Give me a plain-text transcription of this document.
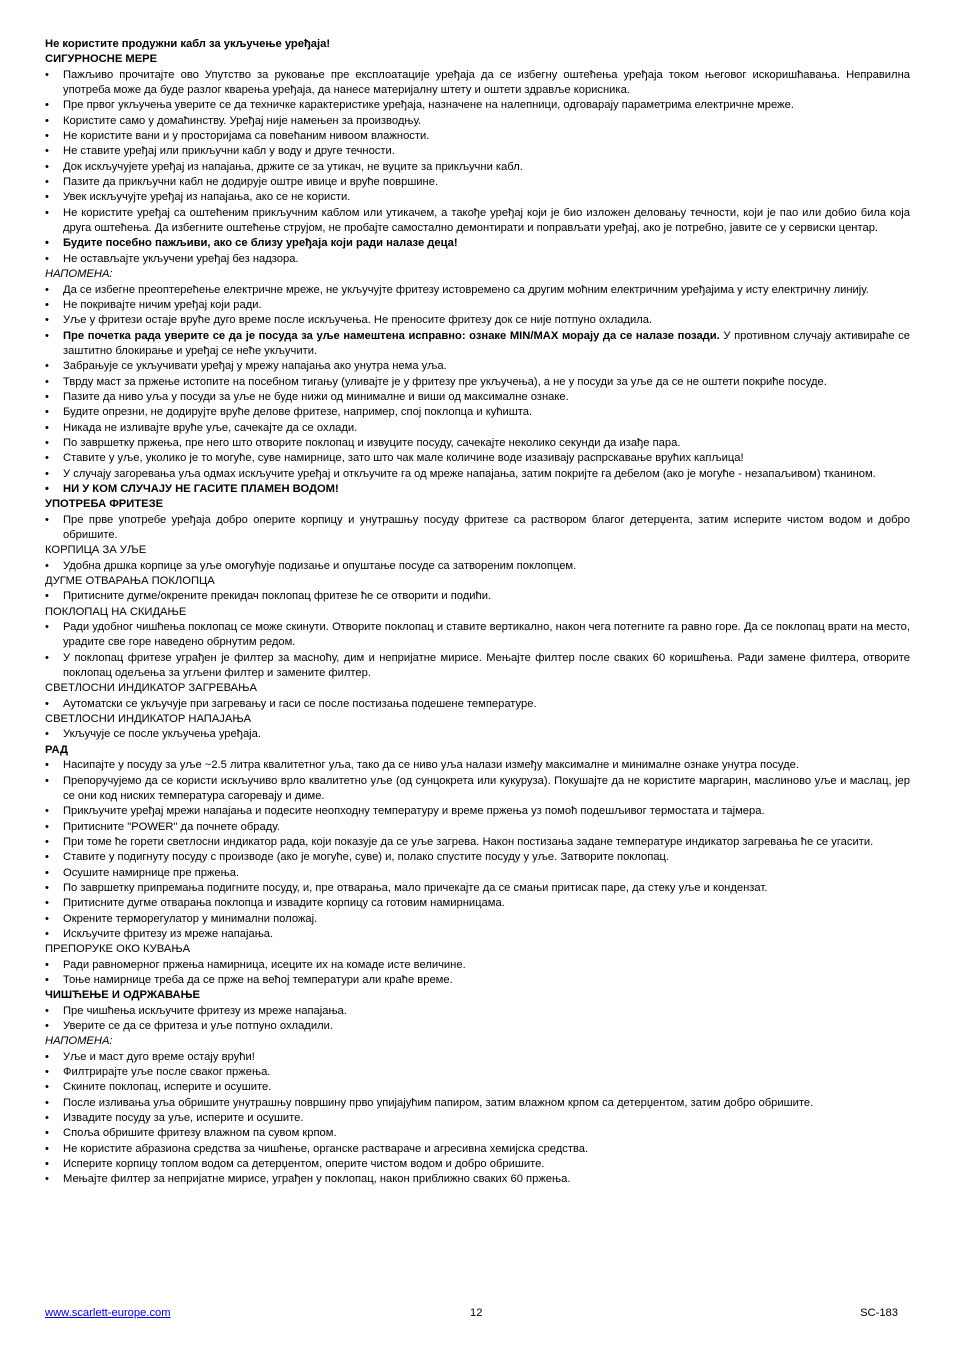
Не користите продужни кабл за укључење уређаја!

СИГУРНОСНЕ МЕРЕ

• Пажљиво прочитајте ово Упутство за руковање пре експлоатације уређаја да се избегну оштећења уређаја током његовог искоришћавања. Неправилна употреба може да буде разлог кварења уређаја, да нанесе материјалну штету и оштети здравље корисника.
• Пре првог укључења уверите се да техничке карактеристике уређаја, назначене на налепници, одговарају параметрима електричне мреже.
• Користите само у домаћинству. Уређај није намењен за производњу.
• Не користите вани и у просторијама са повећаним нивоом влажности.
• Не ставите уређај или прикључни кабл у воду и друге течности.
• Док искључујете уређај из напајања, држите се за утикач, не вуците за прикључни кабл.
• Пазите да прикључни кабл не додирује оштре ивице и вруће површине.
• Увек искључујте уређај из напајања, ако се не користи.
• Не користите уређај са оштећеним прикључним каблом или утикачем, а такође уређај који је био изложен деловању течности, који је пао или добио била која друга оштећења. Да избегните оштећење струјом, не пробајте самостално демонтирати и поправљати уређај, ако је потребно, јавите се у сервиски центар.
• Будите посебно пажљиви, ако се близу уређаја који ради налазе деца!
• Не остављајте укључени уређај без надзора.

НАПОМЕНА:

• Да се избегне преоптерећење електричне мреже, не укључујте фритезу истовремено са другим моћним електричним уређајима у исту електричну линију.
• Не покривајте ничим уређај који ради.
• Уље у фритези остаје вруће дуго време после искључења. Не преносите фритезу док се није потпуно охладила.
• Пре почетка рада уверите се да је посуда за уље намештена исправно: ознаке MIN/MAX морају да се налазе позади. У противном случају активираће се заштитно блокирање и уређај се неће укључити.
• Забрањује се укључивати уређај у мрежу напајања ако унутра нема уља.
• Тврду маст за пржење истопите на посебном тигању (уливајте је у фритезу пре укључења), а не у посуди за уље да се не оштети покриће посуде.
• Пазите да ниво уља у посуди за уље не буде нижи од минималне и виши од максималне ознаке.
• Будите опрезни, не додирујте вруће делове фритезе, например, спој поклопца и кућишта.
• Никада не изливајте вруће уље, сачекајте да се охлади.
• По завршетку пржења, пре него што отворите поклопац и извуците посуду, сачекајте неколико секунди да изађе пара.
• Ставите у уље, уколико је то могуће, суве намирнице, зато што чак мале количине воде изазивају распрскавање врућих капљица!
• У случају загоревања уља одмах искључите уређај и откључите га од мреже напајања, затим покријте га дебелом (ако је могуће - незапаљивом) тканином.
• НИ У КОМ СЛУЧАЈУ НЕ ГАСИТЕ ПЛАМЕН ВОДОМ!

УПОТРЕБА ФРИТЕЗЕ

• Пре прве употребе уређаја добро оперите корпицу и унутрашњу посуду фритезе са раствором благог детерџента, затим исперите чистом водом и добро обришите.

КОРПИЦА ЗА УЉЕ

• Удобна дршка корпице за уље омогућује подизање и опуштање посуде са затвореним поклопцем.

ДУГМЕ ОТВАРАЊА ПОКЛОПЦА

• Притисните дугме/окрените прекидач поклопац фритезе ће се отворити и подићи.

ПОКЛОПАЦ НА СКИДАЊЕ

• Ради удобног чишћења поклопац се може скинути. Отворите поклопац и ставите вертикално, након чега потегните га равно горе. Да се поклопац врати на место, урадите све горе наведено обрнутим редом.
• У поклопац фритезе уграђен је филтер за масноћу, дим и непријатне мирисе. Мењајте филтер после сваких 60 коришћења. Ради замене филтера, отворите поклопац одељења за угљени филтер и замените филтер.

СВЕТЛОСНИ ИНДИКАТОР ЗАГРЕВАЊА

• Аутоматски се укључује при загревању и гаси се после постизања подешене температуре.

СВЕТЛОСНИ ИНДИКАТОР НАПАЈАЊА

• Укључује се после укључења уређаја.

РАД

• Насипајте у посуду за уље ~2.5 литра квалитетног уља, тако да се ниво уља налази између максималне и минималне ознаке унутра посуде.
• Препоручујемо да се користи искључиво врло квалитетно уље (од сунцокрета или кукуруза). Покушајте да не користите маргарин, маслиново уље и маслац, јер се они код ниских температура сагоревају и диме.
• Прикључите уређај мрежи напајања и подесите неопходну температуру и време пржења уз помоћ подешљивог термостата и тајмера.
• Притисните "POWER" да почнете обраду.
• При томе ће горети светлосни индикатор рада, који показује да се уље загрева. Након постизања задане температуре индикатор загревања ће се угасити.
• Ставите у подигнуту посуду с производе (ако је могуће, суве) и, полако спустите посуду у уље. Затворите поклопац.
• Осушите намирнице пре пржења.
• По завршетку припремања подигните посуду, и, пре отварања, мало причекајте да се смањи притисак паре, да стеку уље и кондензат.
• Притисните дугме отварања поклопца и извадите корпицу са готовим намирницама.
• Окрените терморегулатор у минимални положај.
• Искључите фритезу из мреже напајања.

ПРЕПОРУКЕ ОКО КУВАЊА

• Ради равномерног пржења намирница, исеците их на комаде исте величине.
• Тоње намирнице треба да се прже на већој температури али краће време.

ЧИШЋЕЊЕ И ОДРЖАВАЊЕ

• Пре чишћења искључите фритезу из мреже напајања.
• Уверите се да се фритеза и уље потпуно охладили.

НАПОМЕНА:

• Уље и маст дуго време остају врући!
• Филтрирајте уље после сваког пржења.
• Скините поклопац, исперите и осушите.
• После изливања уља обришите унутрашњу површину прво упијајућим папиром, затим влажном крпом са детерџентом, затим добро обришите.
• Извадите посуду за уље, исперите и осушите.
• Споља обришите фритезу влажном па сувом крпом.
• Не користите абразиона средства за чишћење, органске раствараче и агресивна хемијска средства.
• Исперите корпицу топлом водом са детерџентом, оперите чистом водом и добро обришите.
• Мењајте филтер за непријатне мирисе, уграђен у поклопац, након приближно сваких 60 пржења.
www.scarlett-europe.com	12	SC-183
